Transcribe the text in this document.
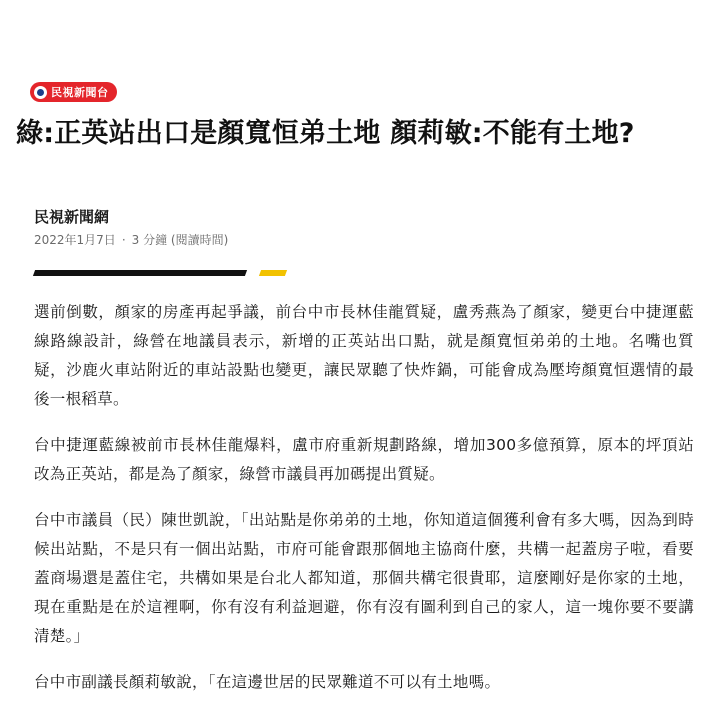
民視新聞台
綠:正英站出口是顏寬恒弟土地 顏莉敏:不能有土地?
民視新聞網
2022年1月7日 · 3 分鐘 (閱讀時間)

選前倒數，顏家的房產再起爭議，前台中市長林佳龍質疑，盧秀燕為了顏家，變更台中捷運藍線路線設計，綠營在地議員表示，新增的正英站出口點，就是顏寬恒弟弟的土地。名嘴也質疑，沙鹿火車站附近的車站設點也變更，讓民眾聽了快炸鍋，可能會成為壓垮顏寬恒選情的最後一根稻草。

台中捷運藍線被前市長林佳龍爆料，盧市府重新規劃路線，增加300多億預算，原本的坪頂站改為正英站，都是為了顏家，綠營市議員再加碼提出質疑。

台中市議員（民）陳世凱說，「出站點是你弟弟的土地，你知道這個獲利會有多大嗎，因為到時候出站點，不是只有一個出站點，市府可能會跟那個地主協商什麼，共構一起蓋房子啦，看要蓋商場還是蓋住宅，共構如果是台北人都知道，那個共構宅很貴耶，這麼剛好是你家的土地，現在重點是在於這裡啊，你有沒有利益迴避，你有沒有圖利到自己的家人，這一塊你要不要講清楚。」

台中市副議長顏莉敏說，「在這邊世居的民眾難道不可以有土地嗎。
